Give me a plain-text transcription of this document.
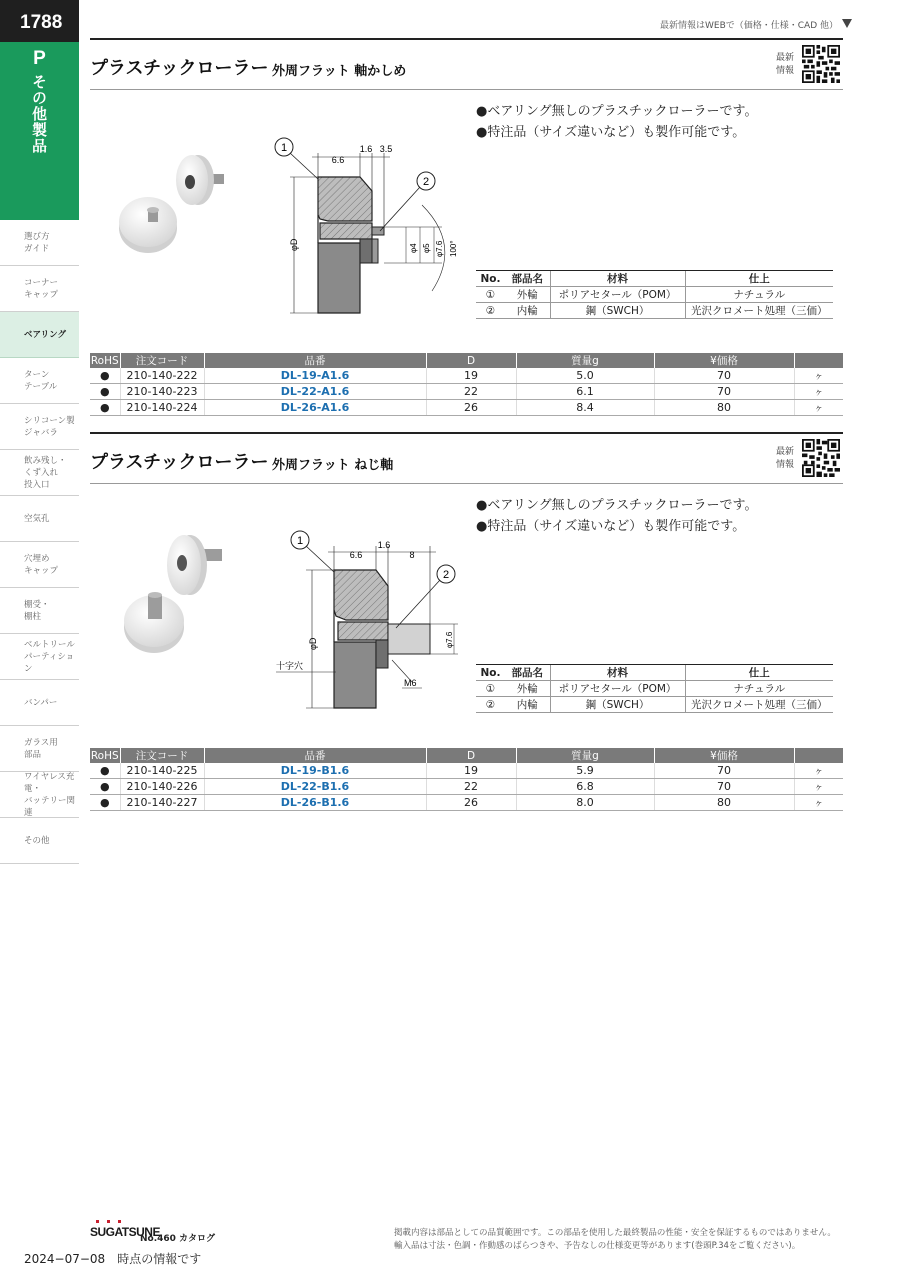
1788
P
その他製品
選び方
ガイド
コーナー
キャップ
ベアリング
ターン
テーブル
シリコーン製
ジャバラ
飲み残し・
くず入れ
投入口
空気孔
穴埋め
キャップ
棚受・
棚柱
ベルトリール
パーティション
バンパー
ガラス用
部品
ワイヤレス充電・
バッテリー関連
その他
最新情報はWEBで（価格・仕様・CAD 他）
プラスチックローラー 外周フラット 軸かしめ
最新
情報
1
2
6.6
1.6 3.5
φD	φ4 φ5 φ7.6 100°
●ベアリング無しのプラスチックローラーです。
●特注品（サイズ違いなど）も製作可能です。
No.	部品名	材料	仕上
①	外輪	ポリアセタール（POM）	ナチュラル
②	内輪	鋼（SWCH）	光沢クロメート処理（三価）
RoHS	注文コード	品番	D	質量g	¥価格	
●	210-140-222	DL-19-A1.6	19	5.0	70	ヶ
●	210-140-223	DL-22-A1.6	22	6.1	70	ヶ
●	210-140-224	DL-26-A1.6	26	8.4	80	ヶ
プラスチックローラー 外周フラット ねじ軸
最新
情報
1
2
6.6
1.6
8
φD	φ7.6
十字穴
M6
●ベアリング無しのプラスチックローラーです。
●特注品（サイズ違いなど）も製作可能です。
No.	部品名	材料	仕上
①	外輪	ポリアセタール（POM）	ナチュラル
②	内輪	鋼（SWCH）	光沢クロメート処理（三価）
RoHS	注文コード	品番	D	質量g	¥価格	
●	210-140-225	DL-19-B1.6	19	5.9	70	ヶ
●	210-140-226	DL-22-B1.6	22	6.8	70	ヶ
●	210-140-227	DL-26-B1.6	26	8.0	80	ヶ
SUGATSUNE
No.460 カタログ
2024−07−08　時点の情報です
掲載内容は部品としての品質範囲です。この部品を使用した最終製品の性能・安全を保証するものではありません。
輸入品は寸法・色調・作動感のばらつきや、予告なしの仕様変更等があります(巻頭P.34をご覧ください)。
